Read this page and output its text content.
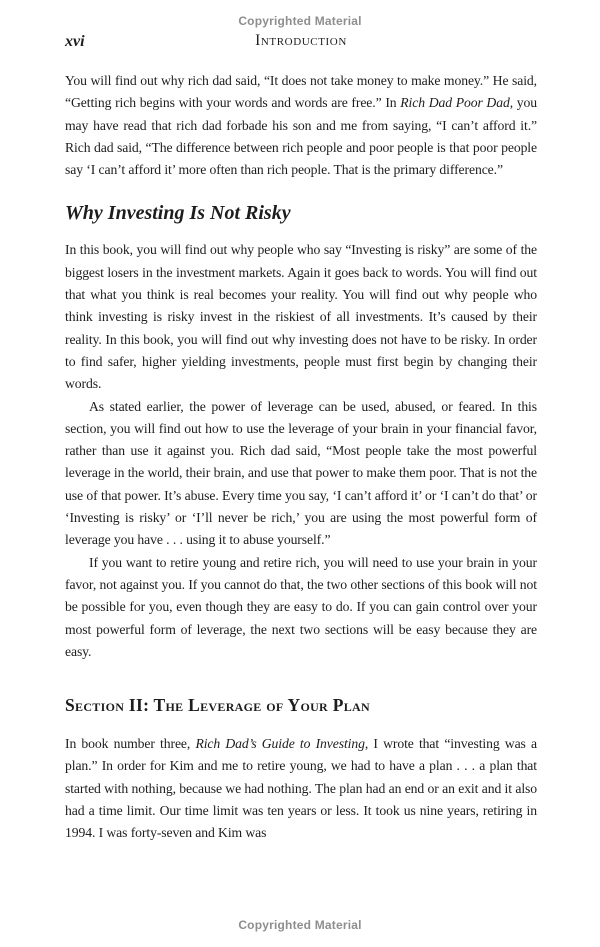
Copyrighted Material
xvi	Introduction

You will find out why rich dad said, “It does not take money to make money.” He said, “Getting rich begins with your words and words are free.” In Rich Dad Poor Dad, you may have read that rich dad forbade his son and me from saying, “I can’t afford it.” Rich dad said, “The difference between rich people and poor people is that poor people say ‘I can’t afford it’ more often than rich people. That is the primary difference.”

Why Investing Is Not Risky

In this book, you will find out why people who say “Investing is risky” are some of the biggest losers in the investment markets. Again it goes back to words. You will find out that what you think is real becomes your reality. You will find out why people who think investing is risky invest in the riskiest of all investments. It’s caused by their reality. In this book, you will find out why investing does not have to be risky. In order to find safer, higher yielding investments, people must first begin by changing their words.

As stated earlier, the power of leverage can be used, abused, or feared. In this section, you will find out how to use the leverage of your brain in your financial favor, rather than use it against you. Rich dad said, “Most people take the most powerful leverage in the world, their brain, and use that power to make them poor. That is not the use of that power. It’s abuse. Every time you say, ‘I can’t afford it’ or ‘I can’t do that’ or ‘Investing is risky’ or ‘I’ll never be rich,’ you are using the most powerful form of leverage you have . . . using it to abuse yourself.”

If you want to retire young and retire rich, you will need to use your brain in your favor, not against you. If you cannot do that, the two other sections of this book will not be possible for you, even though they are easy to do. If you can gain control over your most powerful form of leverage, the next two sections will be easy because they are easy.

Section II: The Leverage of Your Plan

In book number three, Rich Dad’s Guide to Investing, I wrote that “investing was a plan.” In order for Kim and me to retire young, we had to have a plan . . . a plan that started with nothing, because we had nothing. The plan had an end or an exit and it also had a time limit. Our time limit was ten years or less. It took us nine years, retiring in 1994. I was forty-seven and Kim was

Copyrighted Material
